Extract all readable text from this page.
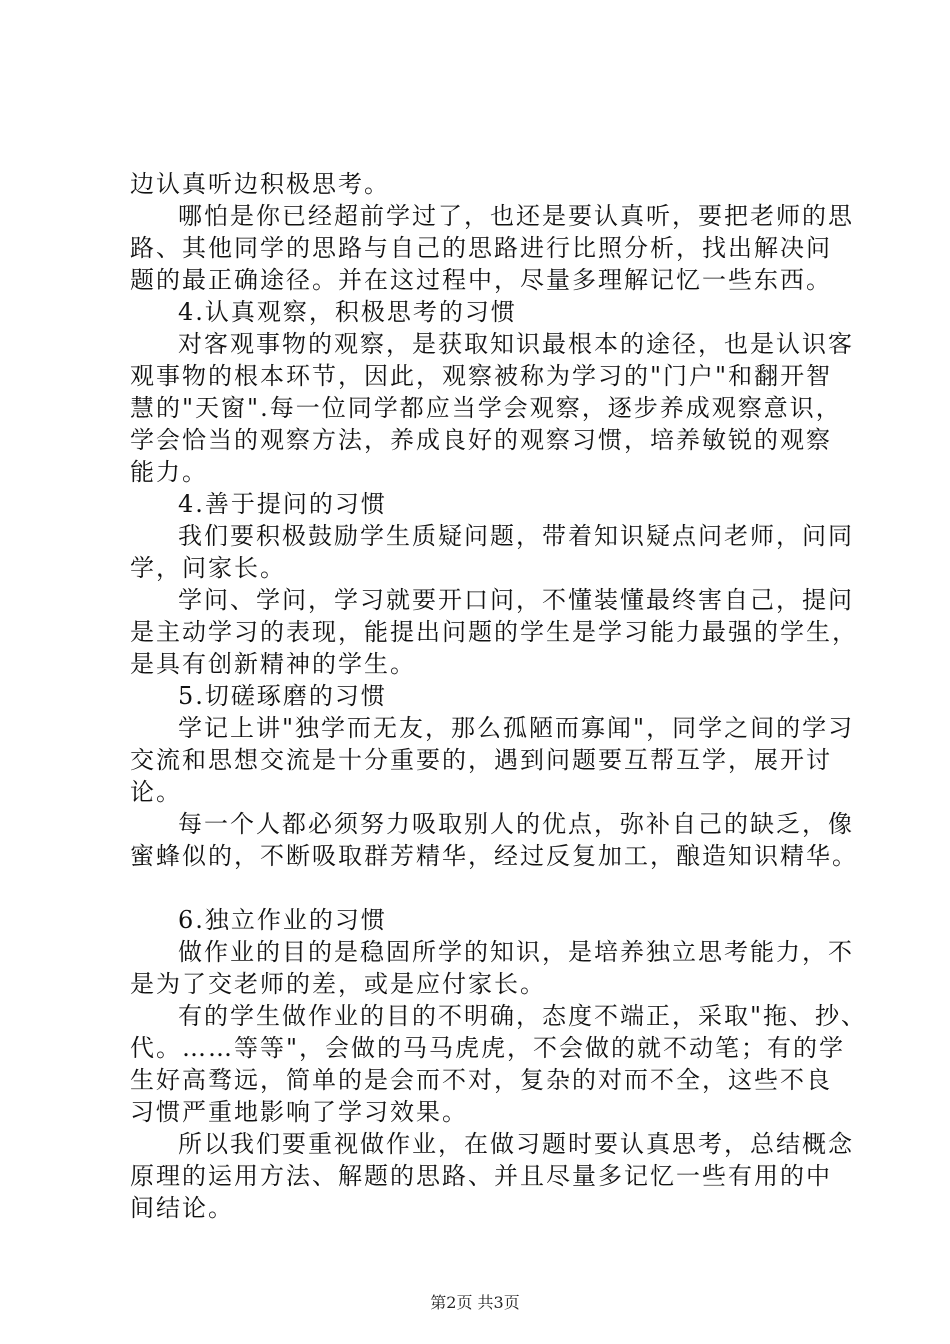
边认真听边积极思考。
哪怕是你已经超前学过了，也还是要认真听，要把老师的思
路、其他同学的思路与自己的思路进行比照分析，找出解决问
题的最正确途径。并在这过程中，尽量多理解记忆一些东西。
4.认真观察，积极思考的习惯
对客观事物的观察，是获取知识最根本的途径，也是认识客
观事物的根本环节，因此，观察被称为学习的"门户"和翻开智
慧的"天窗".每一位同学都应当学会观察，逐步养成观察意识，
学会恰当的观察方法，养成良好的观察习惯，培养敏锐的观察
能力。
4.善于提问的习惯
我们要积极鼓励学生质疑问题，带着知识疑点问老师，问同
学，问家长。
学问、学问，学习就要开口问，不懂装懂最终害自己，提问
是主动学习的表现，能提出问题的学生是学习能力最强的学生，
是具有创新精神的学生。
5.切磋琢磨的习惯
学记上讲"独学而无友，那么孤陋而寡闻"，同学之间的学习
交流和思想交流是十分重要的，遇到问题要互帮互学，展开讨
论。
每一个人都必须努力吸取别人的优点，弥补自己的缺乏，像
蜜蜂似的，不断吸取群芳精华，经过反复加工，酿造知识精华。
6.独立作业的习惯
做作业的目的是稳固所学的知识，是培养独立思考能力，不
是为了交老师的差，或是应付家长。
有的学生做作业的目的不明确，态度不端正，采取"拖、抄、
代。……等等"，会做的马马虎虎，不会做的就不动笔；有的学
生好高骛远，简单的是会而不对，复杂的对而不全，这些不良
习惯严重地影响了学习效果。
所以我们要重视做作业，在做习题时要认真思考，总结概念
原理的运用方法、解题的思路、并且尽量多记忆一些有用的中
间结论。
第2页 共3页
